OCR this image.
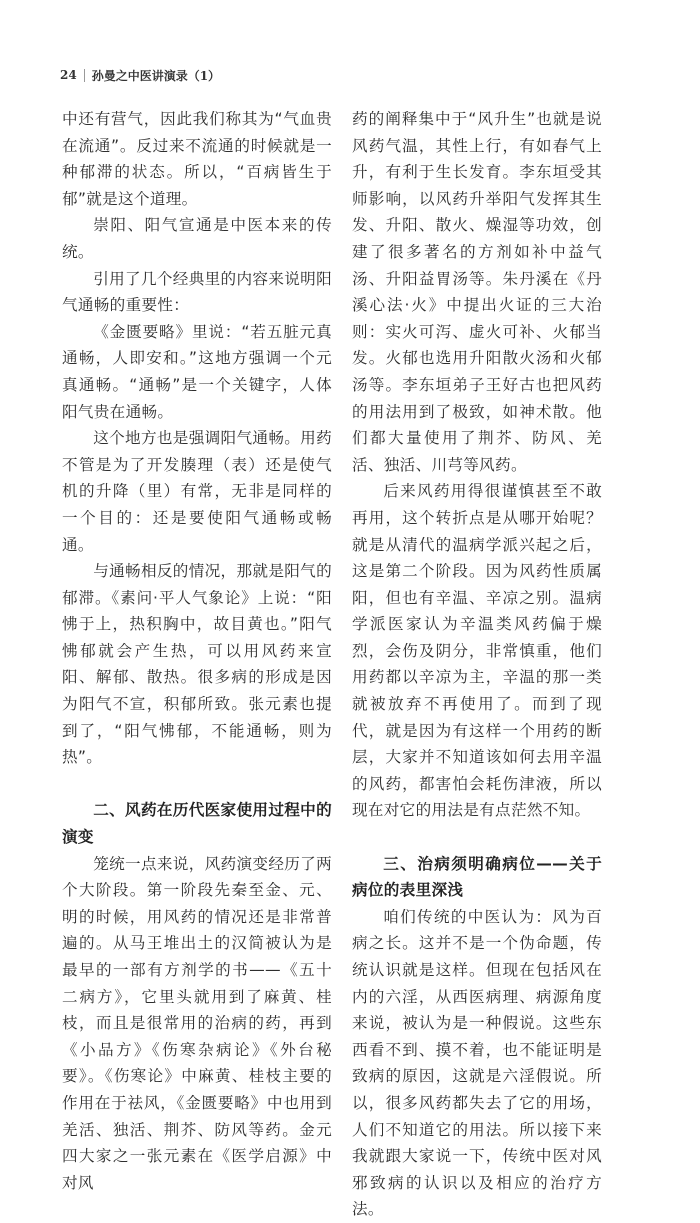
24 孙曼之中医讲演录（1）

中还有营气，因此我们称其为“气血贵在流通”。反过来不流通的时候就是一种郁滞的状态。所以，“百病皆生于郁”就是这个道理。

崇阳、阳气宣通是中医本来的传统。

引用了几个经典里的内容来说明阳气通畅的重要性：

《金匮要略》里说：“若五脏元真通畅，人即安和。”这地方强调一个元真通畅。“通畅”是一个关键字，人体阳气贵在通畅。

这个地方也是强调阳气通畅。用药不管是为了开发腠理（表）还是使气机的升降（里）有常，无非是同样的一个目的：还是要使阳气通畅或畅通。

与通畅相反的情况，那就是阳气的郁滞。《素问·平人气象论》上说：“阳怫于上，热积胸中，故目黄也。”阳气怫郁就会产生热，可以用风药来宣阳、解郁、散热。很多病的形成是因为阳气不宣，积郁所致。张元素也提到了，“阳气怫郁，不能通畅，则为热”。

二、风药在历代医家使用过程中的演变

笼统一点来说，风药演变经历了两个大阶段。第一阶段先秦至金、元、明的时候，用风药的情况还是非常普遍的。从马王堆出土的汉简被认为是最早的一部有方剂学的书——《五十二病方》，它里头就用到了麻黄、桂枝，而且是很常用的治病的药，再到《小品方》《伤寒杂病论》《外台秘要》。《伤寒论》中麻黄、桂枝主要的作用在于祛风，《金匮要略》中也用到羌活、独活、荆芥、防风等药。金元四大家之一张元素在《医学启源》中对风

药的阐释集中于“风升生”也就是说风药气温，其性上行，有如春气上升，有利于生长发育。李东垣受其师影响，以风药升举阳气发挥其生发、升阳、散火、燥湿等功效，创建了很多著名的方剂如补中益气汤、升阳益胃汤等。朱丹溪在《丹溪心法·火》中提出火证的三大治则：实火可泻、虚火可补、火郁当发。火郁也选用升阳散火汤和火郁汤等。李东垣弟子王好古也把风药的用法用到了极致，如神术散。他们都大量使用了荆芥、防风、羌活、独活、川芎等风药。

后来风药用得很谨慎甚至不敢再用，这个转折点是从哪开始呢？就是从清代的温病学派兴起之后，这是第二个阶段。因为风药性质属阳，但也有辛温、辛凉之别。温病学派医家认为辛温类风药偏于燥烈，会伤及阴分，非常慎重，他们用药都以辛凉为主，辛温的那一类就被放弃不再使用了。而到了现代，就是因为有这样一个用药的断层，大家并不知道该如何去用辛温的风药，都害怕会耗伤津液，所以现在对它的用法是有点茫然不知。

三、治病须明确病位——关于病位的表里深浅

咱们传统的中医认为：风为百病之长。这并不是一个伪命题，传统认识就是这样。但现在包括风在内的六淫，从西医病理、病源角度来说，被认为是一种假说。这些东西看不到、摸不着，也不能证明是致病的原因，这就是六淫假说。所以，很多风药都失去了它的用场，人们不知道它的用法。所以接下来我就跟大家说一下，传统中医对风邪致病的认识以及相应的治疗方法。
